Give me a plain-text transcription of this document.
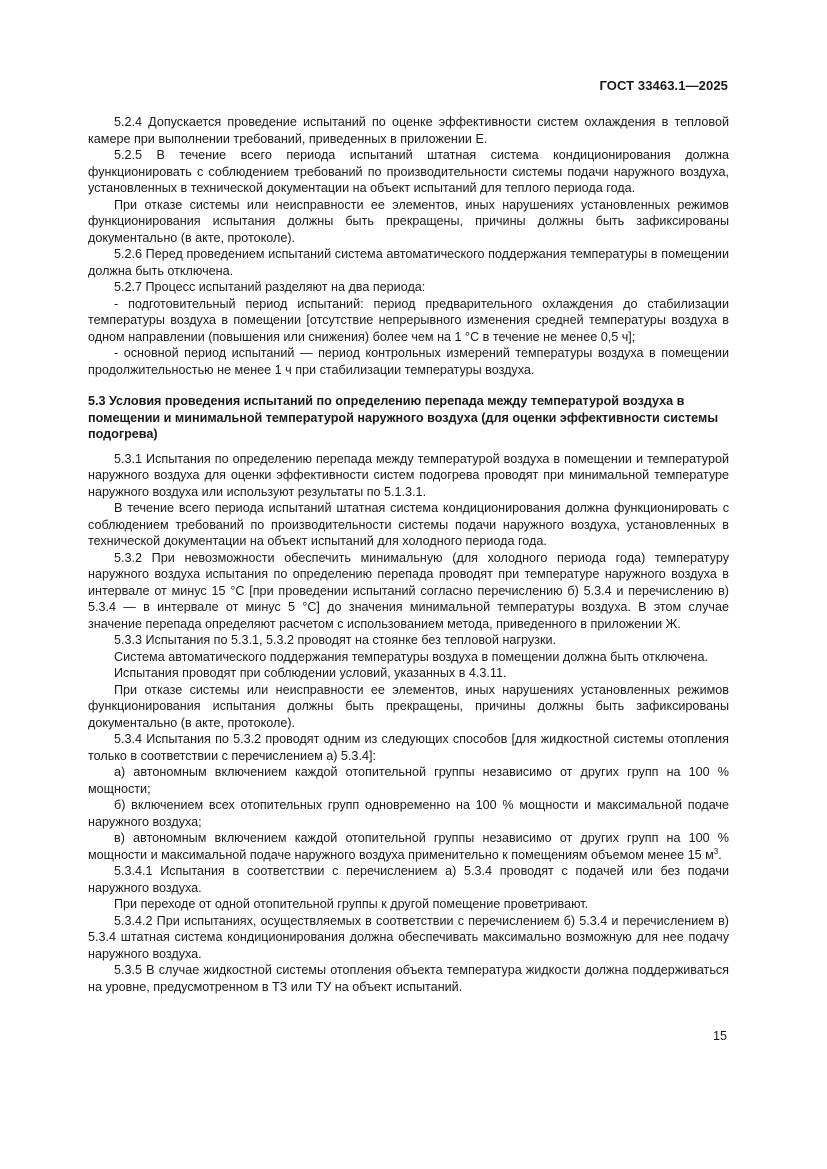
ГОСТ 33463.1—2025

5.2.4 Допускается проведение испытаний по оценке эффективности систем охлаждения в тепловой камере при выполнении требований, приведенных в приложении Е.

5.2.5 В течение всего периода испытаний штатная система кондиционирования должна функционировать с соблюдением требований по производительности системы подачи наружного воздуха, установленных в технической документации на объект испытаний для теплого периода года.

При отказе системы или неисправности ее элементов, иных нарушениях установленных режимов функционирования испытания должны быть прекращены, причины должны быть зафиксированы документально (в акте, протоколе).

5.2.6 Перед проведением испытаний система автоматического поддержания температуры в помещении должна быть отключена.

5.2.7 Процесс испытаний разделяют на два периода:

- подготовительный период испытаний: период предварительного охлаждения до стабилизации температуры воздуха в помещении [отсутствие непрерывного изменения средней температуры воздуха в одном направлении (повышения или снижения) более чем на 1 °C в течение не менее 0,5 ч];

- основной период испытаний — период контрольных измерений температуры воздуха в помещении продолжительностью не менее 1 ч при стабилизации температуры воздуха.

5.3 Условия проведения испытаний по определению перепада между температурой воздуха в помещении и минимальной температурой наружного воздуха (для оценки эффективности системы подогрева)

5.3.1 Испытания по определению перепада между температурой воздуха в помещении и температурой наружного воздуха для оценки эффективности систем подогрева проводят при минимальной температуре наружного воздуха или используют результаты по 5.1.3.1.

В течение всего периода испытаний штатная система кондиционирования должна функционировать с соблюдением требований по производительности системы подачи наружного воздуха, установленных в технической документации на объект испытаний для холодного периода года.

5.3.2 При невозможности обеспечить минимальную (для холодного периода года) температуру наружного воздуха испытания по определению перепада проводят при температуре наружного воздуха в интервале от минус 15 °C [при проведении испытаний согласно перечислению б) 5.3.4 и перечислению в) 5.3.4 — в интервале от минус 5 °C] до значения минимальной температуры воздуха. В этом случае значение перепада определяют расчетом с использованием метода, приведенного в приложении Ж.

5.3.3 Испытания по 5.3.1, 5.3.2 проводят на стоянке без тепловой нагрузки.

Система автоматического поддержания температуры воздуха в помещении должна быть отключена.

Испытания проводят при соблюдении условий, указанных в 4.3.11.

При отказе системы или неисправности ее элементов, иных нарушениях установленных режимов функционирования испытания должны быть прекращены, причины должны быть зафиксированы документально (в акте, протоколе).

5.3.4 Испытания по 5.3.2 проводят одним из следующих способов [для жидкостной системы отопления только в соответствии с перечислением а) 5.3.4]:

а) автономным включением каждой отопительной группы независимо от других групп на 100 % мощности;

б) включением всех отопительных групп одновременно на 100 % мощности и максимальной подаче наружного воздуха;

в) автономным включением каждой отопительной группы независимо от других групп на 100 % мощности и максимальной подаче наружного воздуха применительно к помещениям объемом менее 15 $м^3$.

5.3.4.1 Испытания в соответствии с перечислением а) 5.3.4 проводят с подачей или без подачи наружного воздуха.

При переходе от одной отопительной группы к другой помещение проветривают.

5.3.4.2 При испытаниях, осуществляемых в соответствии с перечислением б) 5.3.4 и перечислением в) 5.3.4 штатная система кондиционирования должна обеспечивать максимально возможную для нее подачу наружного воздуха.

5.3.5 В случае жидкостной системы отопления объекта температура жидкости должна поддерживаться на уровне, предусмотренном в ТЗ или ТУ на объект испытаний.

15
